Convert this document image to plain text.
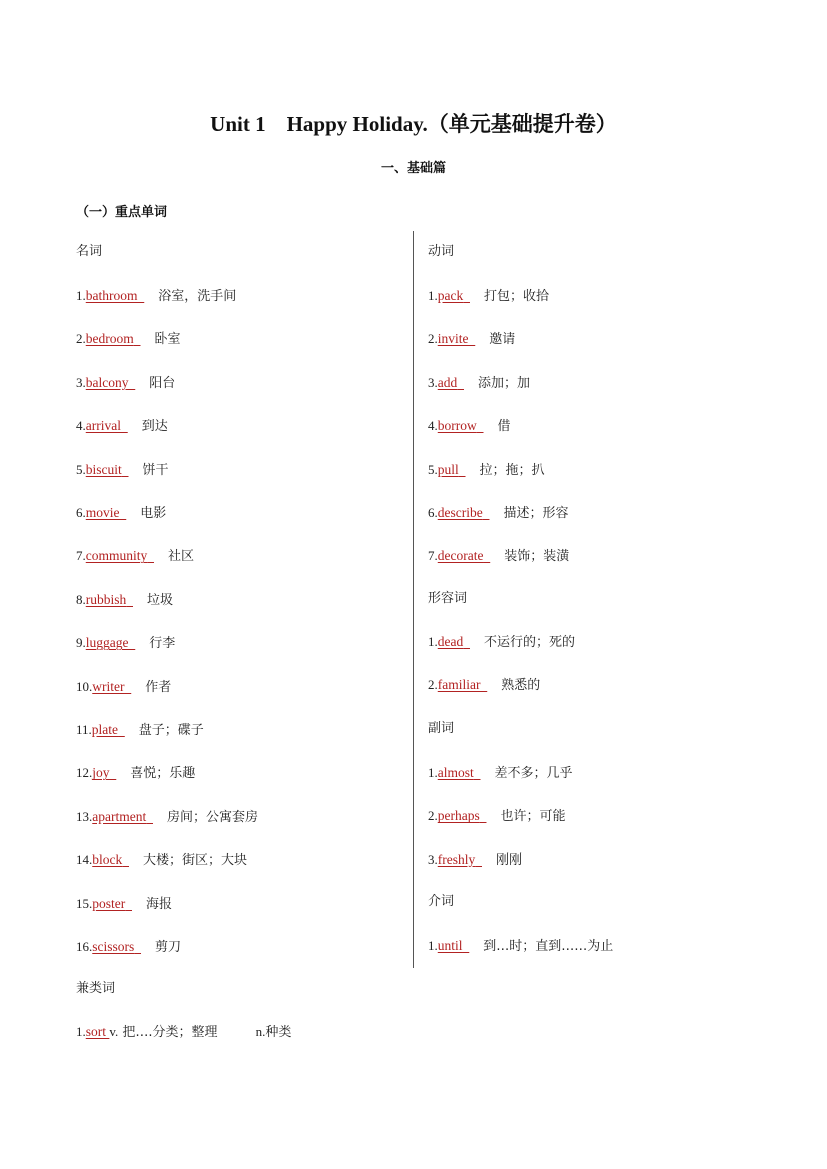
Unit 1　Happy Holiday.（单元基础提升卷）
一、基础篇
（一）重点单词
名词
1.bathroom 浴室，洗手间
2.bedroom 卧室
3.balcony 阳台
4.arrival 到达
5.biscuit 饼干
6.movie 电影
7.community 社区
8.rubbish 垃圾
9.luggage 行李
10.writer 作者
11.plate 盘子；碟子
12.joy 喜悦；乐趣
13.apartment 房间；公寓套房
14.block 大楼；街区；大块
15.poster 海报
16.scissors 剪刀
兼类词
1.sort v. 把….分类；整理	n.种类
动词
1.pack 打包；收拾
2.invite 邀请
3.add 添加；加
4.borrow 借
5.pull 拉；拖；扒
6.describe 描述；形容
7.decorate 装饰；装潢
形容词
1.dead 不运行的；死的
2.familiar 熟悉的
副词
1.almost 差不多；几乎
2.perhaps 也许；可能
3.freshly 刚刚
介词
1.until 到…时；直到……为止
